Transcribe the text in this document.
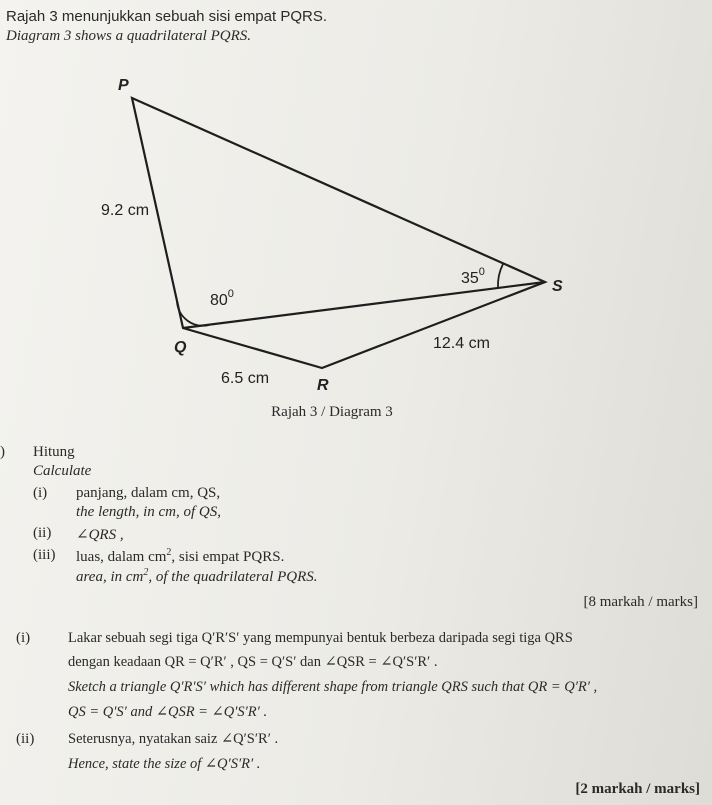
Rajah 3 menunjukkan sebuah sisi empat PQRS.
Diagram 3 shows a quadrilateral PQRS.
P
S
Q
R
9.2 cm
12.4 cm
6.5 cm
$80^0$
$35^0$
Rajah 3 / Diagram 3
) Hitung
Calculate
(i) panjang, dalam cm, QS,
the length, in cm, of QS,
(ii) ∠QRS ,
(iii) luas, dalam $cm^2$, sisi empat PQRS.
area, in $cm^2$, of the quadrilateral PQRS.
[8 markah / marks]
(i)	Lakar sebuah segi tiga Q′R′S′ yang mempunyai bentuk berbeza daripada segi tiga QRS
dengan keadaan QR = Q′R′ , QS = Q′S′ dan ∠QSR = ∠Q′S′R′ .
Sketch a triangle Q′R′S′ which has different shape from triangle QRS such that QR = Q′R′ ,
QS = Q′S′ and ∠QSR = ∠Q′S′R′ .
(ii) Seterusnya, nyatakan saiz ∠Q′S′R′ .
Hence, state the size of ∠Q′S′R′ .
[2 markah / marks]
